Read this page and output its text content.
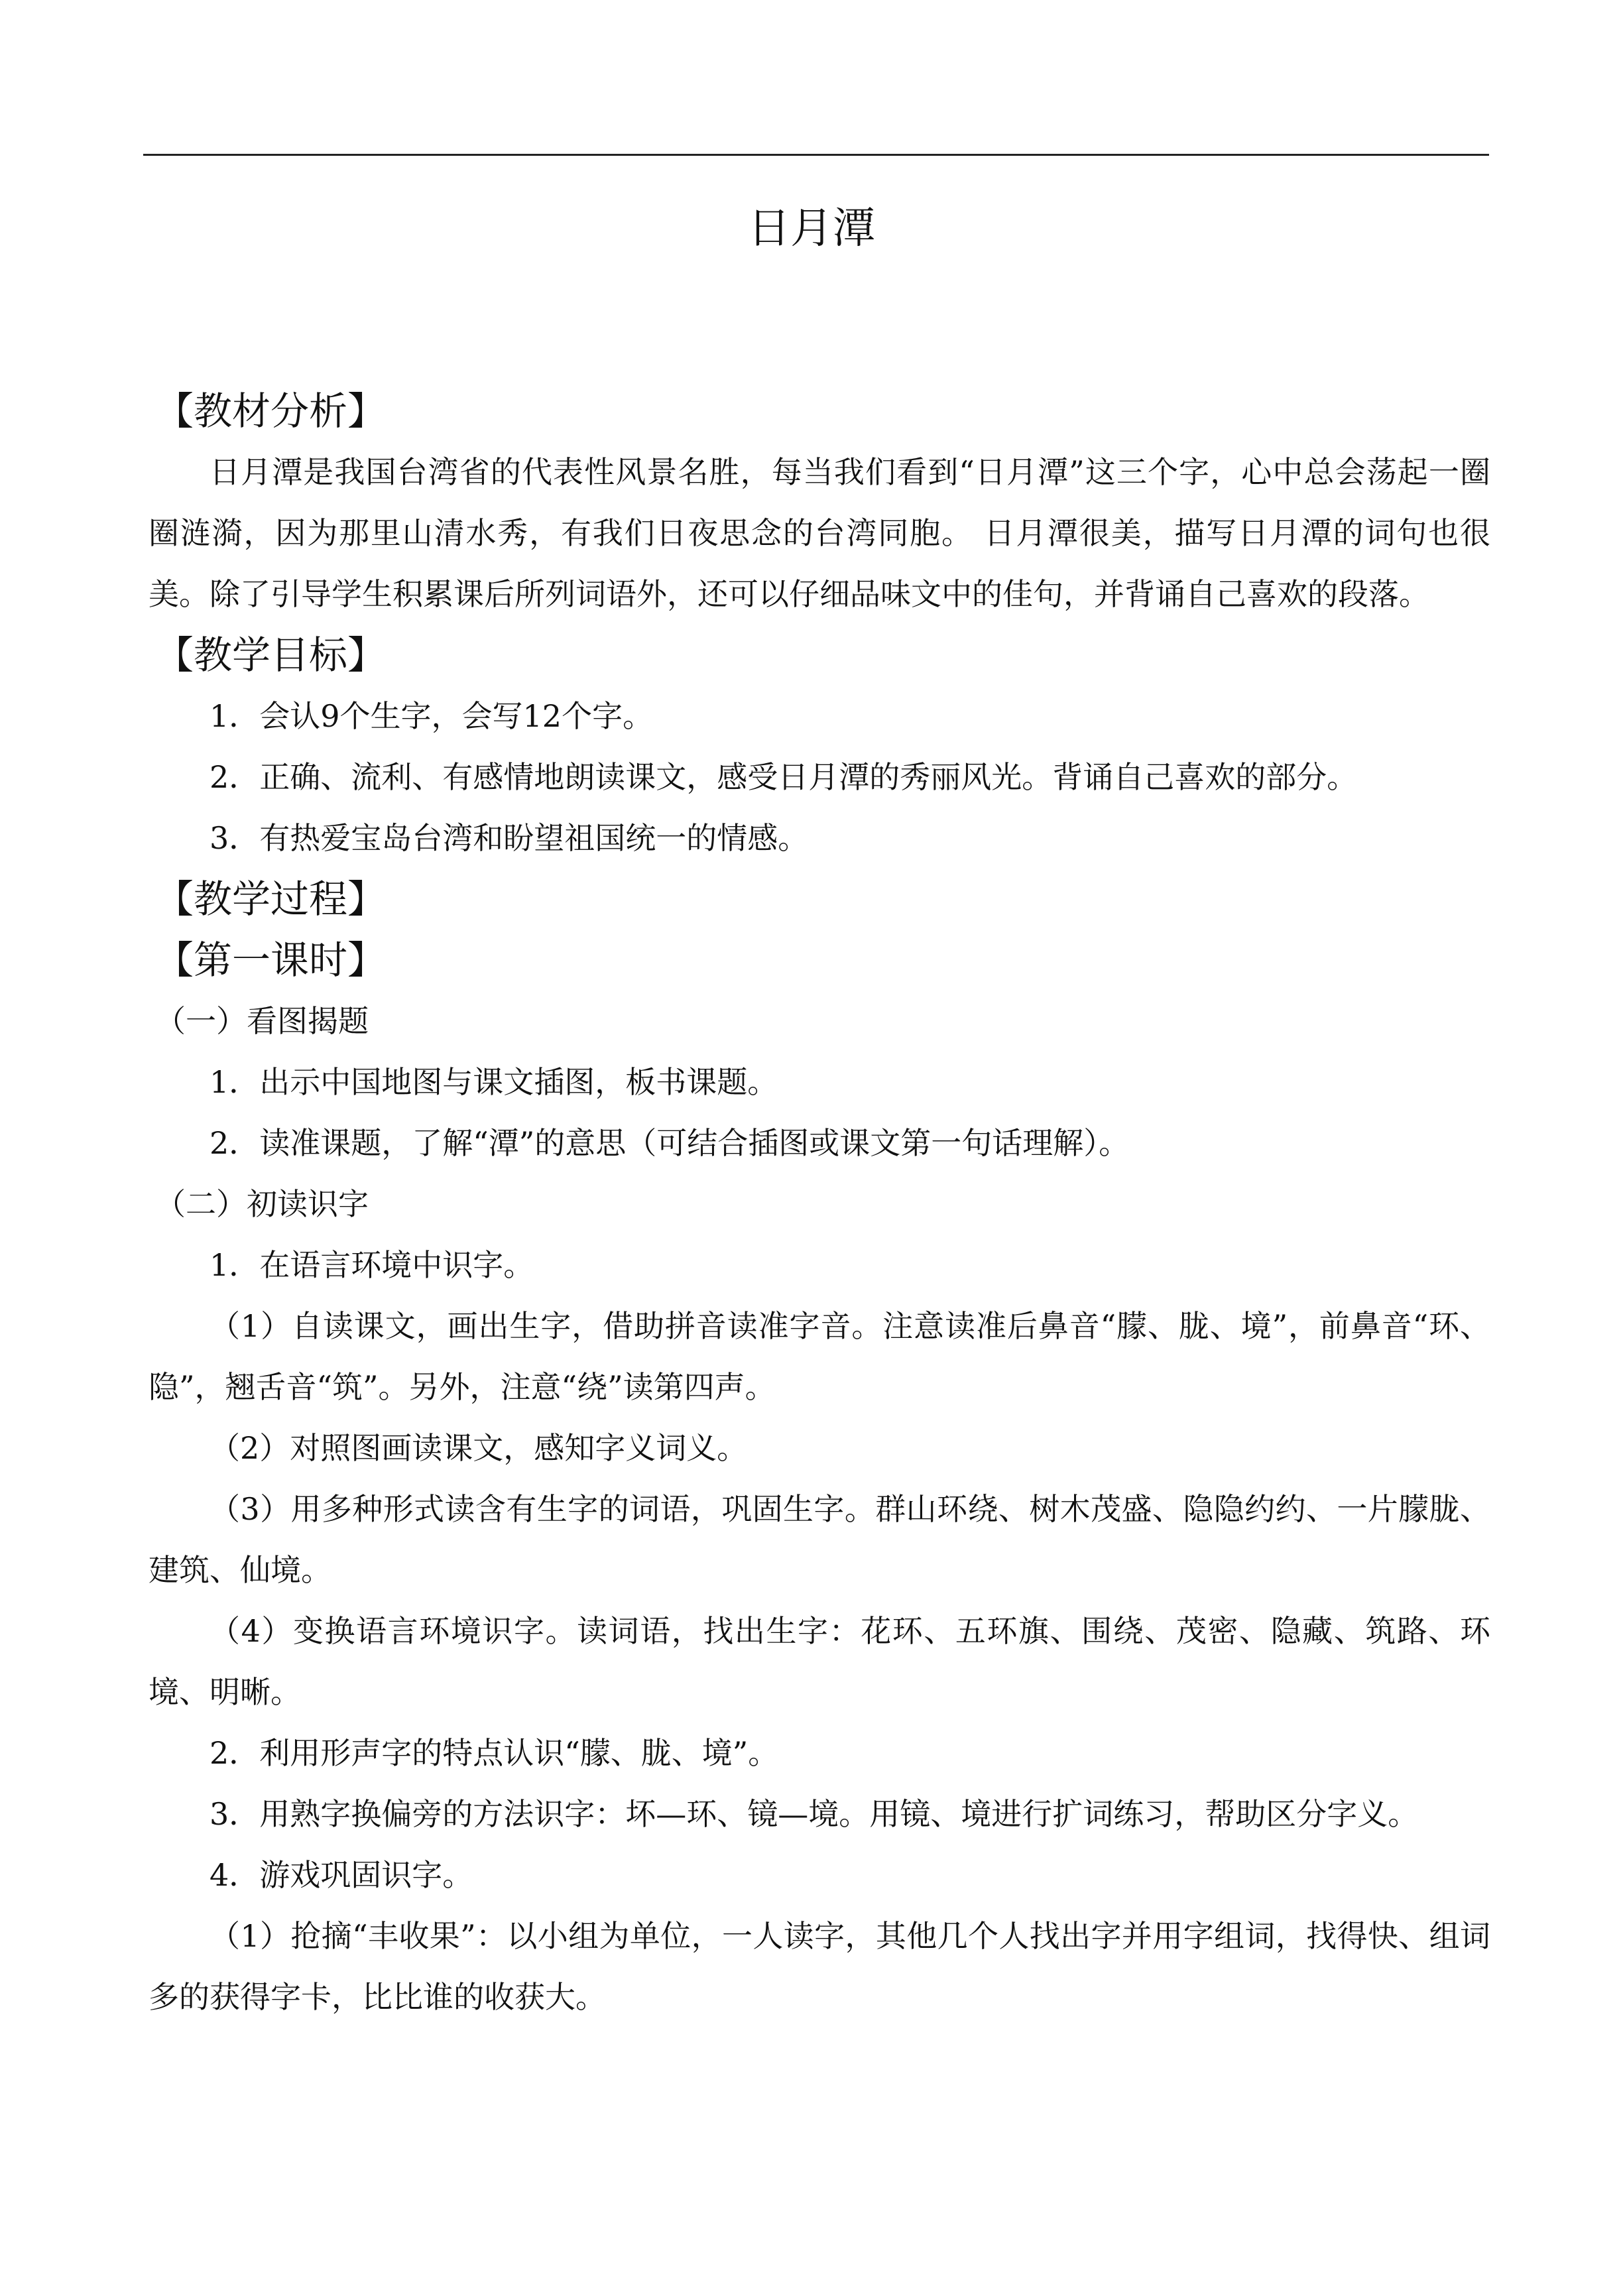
日月潭
【教材分析】

日月潭是我国台湾省的代表性风景名胜，每当我们看到“日月潭”这三个字，心中总会荡起一圈圈涟漪，因为那里山清水秀，有我们日夜思念的台湾同胞。 日月潭很美，描写日月潭的词句也很美。除了引导学生积累课后所列词语外，还可以仔细品味文中的佳句，并背诵自己喜欢的段落。

【教学目标】

1．会认9个生字，会写12个字。

2．正确、流利、有感情地朗读课文，感受日月潭的秀丽风光。背诵自己喜欢的部分。

3．有热爱宝岛台湾和盼望祖国统一的情感。

【教学过程】
【第一课时】

（一）看图揭题

1．出示中国地图与课文插图，板书课题。

2．读准课题，了解“潭”的意思（可结合插图或课文第一句话理解）。

（二）初读识字

1．在语言环境中识字。

（1）自读课文，画出生字，借助拼音读准字音。注意读准后鼻音“朦、胧、境”，前鼻音“环、隐”，翘舌音“筑”。另外，注意“绕”读第四声。

（2）对照图画读课文，感知字义词义。

（3）用多种形式读含有生字的词语，巩固生字。群山环绕、树木茂盛、隐隐约约、一片朦胧、建筑、仙境。

（4）变换语言环境识字。读词语，找出生字：花环、五环旗、围绕、茂密、隐藏、筑路、环境、明晰。

2．利用形声字的特点认识“朦、胧、境”。

3．用熟字换偏旁的方法识字：坏—环、镜—境。用镜、境进行扩词练习，帮助区分字义。

4．游戏巩固识字。

（1）抢摘“丰收果”：以小组为单位，一人读字，其他几个人找出字并用字组词，找得快、组词多的获得字卡，比比谁的收获大。
